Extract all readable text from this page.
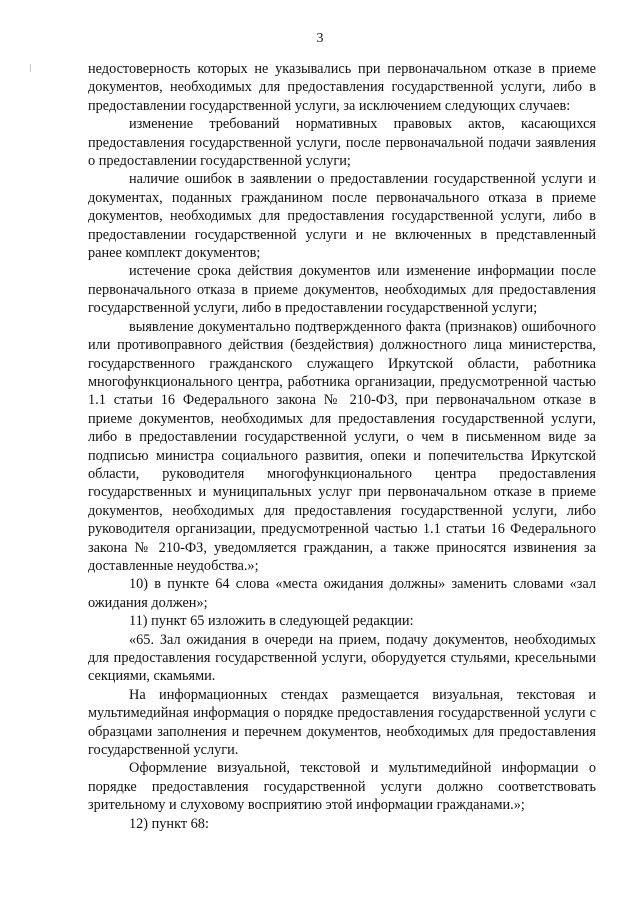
3

недостоверность которых не указывались при первоначальном отказе в приеме документов, необходимых для предоставления государственной услуги, либо в предоставлении государственной услуги, за исключением следующих случаев:

изменение требований нормативных правовых актов, касающихся предоставления государственной услуги, после первоначальной подачи заявления о предоставлении государственной услуги;

наличие ошибок в заявлении о предоставлении государственной услуги и документах, поданных гражданином после первоначального отказа в приеме документов, необходимых для предоставления государственной услуги, либо в предоставлении государственной услуги и не включенных в представленный ранее комплект документов;

истечение срока действия документов или изменение информации после первоначального отказа в приеме документов, необходимых для предоставления государственной услуги, либо в предоставлении государственной услуги;

выявление документально подтвержденного факта (признаков) ошибочного или противоправного действия (бездействия) должностного лица министерства, государственного гражданского служащего Иркутской области, работника многофункционального центра, работника организации, предусмотренной частью 1.1 статьи 16 Федерального закона № 210-ФЗ, при первоначальном отказе в приеме документов, необходимых для предоставления государственной услуги, либо в предоставлении государственной услуги, о чем в письменном виде за подписью министра социального развития, опеки и попечительства Иркутской области, руководителя многофункционального центра предоставления государственных и муниципальных услуг при первоначальном отказе в приеме документов, необходимых для предоставления государственной услуги, либо руководителя организации, предусмотренной частью 1.1 статьи 16 Федерального закона № 210-ФЗ, уведомляется гражданин, а также приносятся извинения за доставленные неудобства.»;

10) в пункте 64 слова «места ожидания должны» заменить словами «зал ожидания должен»;

11) пункт 65 изложить в следующей редакции:

«65. Зал ожидания в очереди на прием, подачу документов, необходимых для предоставления государственной услуги, оборудуется стульями, кресельными секциями, скамьями.

На информационных стендах размещается визуальная, текстовая и мультимедийная информация о порядке предоставления государственной услуги с образцами заполнения и перечнем документов, необходимых для предоставления государственной услуги.

Оформление визуальной, текстовой и мультимедийной информации о порядке предоставления государственной услуги должно соответствовать зрительному и слуховому восприятию этой информации гражданами.»;

12) пункт 68:
